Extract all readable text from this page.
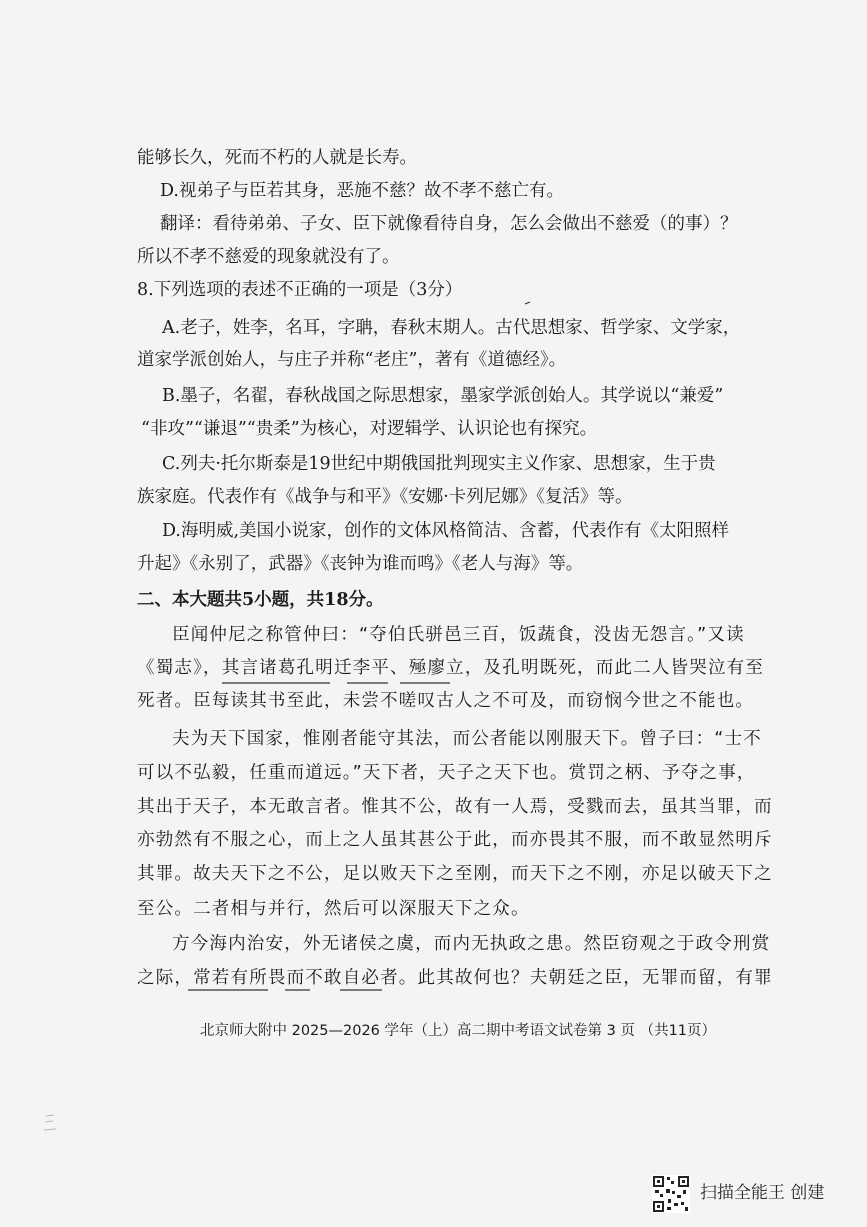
能够长久，死而不朽的人就是长寿。
D.视弟子与臣若其身，恶施不慈？故不孝不慈亡有。
翻译：看待弟弟、子女、臣下就像看待自身，怎么会做出不慈爱（的事）？
所以不孝不慈爱的现象就没有了。
8.下列选项的表述不正确的一项是（3分）
A.老子，姓李，名耳，字聃，春秋末期人。古代思想家、哲学家、文学家，
道家学派创始人，与庄子并称“老庄”，著有《道德经》。
B.墨子，名翟，春秋战国之际思想家，墨家学派创始人。其学说以“兼爱”
“非攻”“谦退”“贵柔”为核心，对逻辑学、认识论也有探究。
C.列夫·托尔斯泰是19世纪中期俄国批判现实主义作家、思想家，生于贵
族家庭。代表作有《战争与和平》《安娜·卡列尼娜》《复活》等。
D.海明威,美国小说家，创作的文体风格简洁、含蓄，代表作有《太阳照样
升起》《永别了，武器》《丧钟为谁而鸣》《老人与海》等。
二、本大题共5小题，共18分。
臣闻仲尼之称管仲曰：“夺伯氏骈邑三百，饭蔬食，没齿无怨言。”又读
《蜀志》，其言诸葛孔明迁李平、殛廖立，及孔明既死，而此二人皆哭泣有至
死者。臣每读其书至此，未尝不嗟叹古人之不可及，而窃悯今世之不能也。
夫为天下国家，惟刚者能守其法，而公者能以刚服天下。曾子曰：“士不
可以不弘毅，任重而道远。”天下者，天子之天下也。赏罚之柄、予夺之事，
其出于天子，本无敢言者。惟其不公，故有一人焉，受戮而去，虽其当罪，而
亦勃然有不服之心，而上之人虽其甚公于此，而亦畏其不服，而不敢显然明斥
其罪。故夫天下之不公，足以败天下之至刚，而天下之不刚，亦足以破天下之
至公。二者相与并行，然后可以深服天下之众。
方今海内治安，外无诸侯之虞，而内无执政之患。然臣窃观之于政令刑赏
之际，常若有所畏而不敢自必者。此其故何也？夫朝廷之臣，无罪而留，有罪
北京师大附中 2025—2026 学年（上）高二期中考语文试卷第 3 页 （共11页）
扫描全能王 创建
